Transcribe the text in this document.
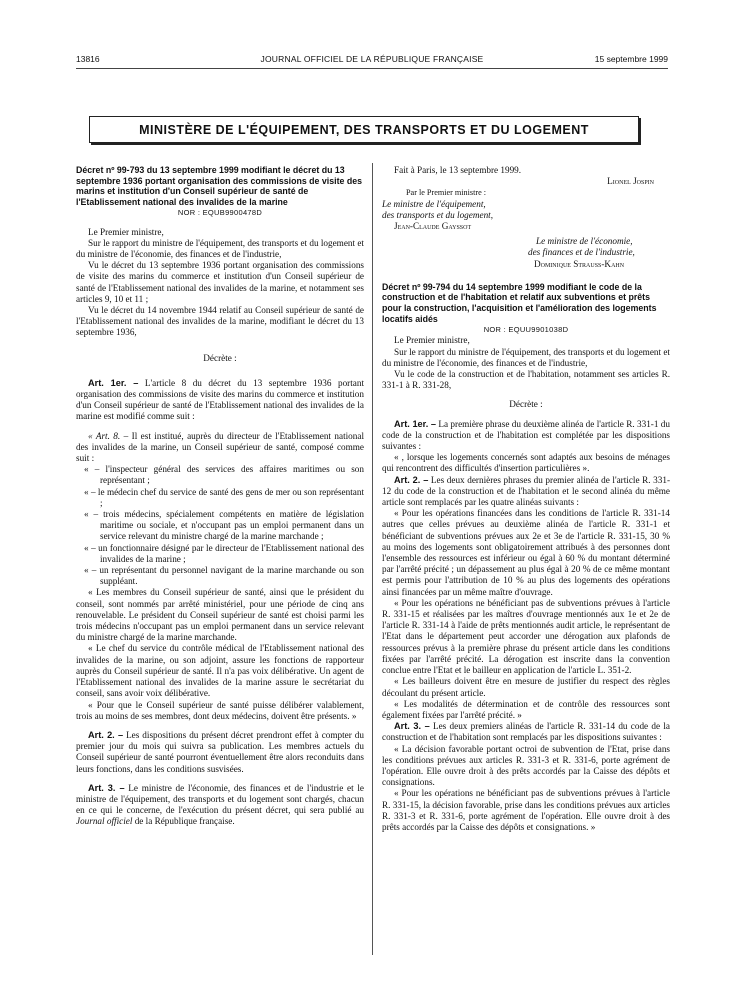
13816	JOURNAL OFFICIEL DE LA RÉPUBLIQUE FRANÇAISE	15 septembre 1999
MINISTÈRE DE L'ÉQUIPEMENT, DES TRANSPORTS ET DU LOGEMENT

Décret nº 99-793 du 13 septembre 1999 modifiant le décret du 13 septembre 1936 portant organisation des commissions de visite des marins et institution d'un Conseil supérieur de santé de l'Etablissement national des invalides de la marine

NOR : EQUB9900478D

Le Premier ministre,

Sur le rapport du ministre de l'équipement, des transports et du logement et du ministre de l'économie, des finances et de l'industrie,

Vu le décret du 13 septembre 1936 portant organisation des commissions de visite des marins du commerce et institution d'un Conseil supérieur de santé de l'Etablissement national des invalides de la marine, et notamment ses articles 9, 10 et 11 ;

Vu le décret du 14 novembre 1944 relatif au Conseil supérieur de santé de l'Etablissement national des invalides de la marine, modifiant le décret du 13 septembre 1936,

Décrète :

Art. 1er. – L'article 8 du décret du 13 septembre 1936 portant organisation des commissions de visite des marins du commerce et institution d'un Conseil supérieur de santé de l'Etablissement national des invalides de la marine est modifié comme suit :

« Art. 8. – Il est institué, auprès du directeur de l'Etablissement national des invalides de la marine, un Conseil supérieur de santé, composé comme suit :

« – l'inspecteur général des services des affaires maritimes ou son représentant ;

« – le médecin chef du service de santé des gens de mer ou son représentant ;

« – trois médecins, spécialement compétents en matière de législation maritime ou sociale, et n'occupant pas un emploi permanent dans un service relevant du ministre chargé de la marine marchande ;

« – un fonctionnaire désigné par le directeur de l'Etablissement national des invalides de la marine ;

« – un représentant du personnel navigant de la marine marchande ou son suppléant.

« Les membres du Conseil supérieur de santé, ainsi que le président du conseil, sont nommés par arrêté ministériel, pour une période de cinq ans renouvelable. Le président du Conseil supérieur de santé est choisi parmi les trois médecins n'occupant pas un emploi permanent dans un service relevant du ministre chargé de la marine marchande.

« Le chef du service du contrôle médical de l'Etablissement national des invalides de la marine, ou son adjoint, assure les fonctions de rapporteur auprès du Conseil supérieur de santé. Il n'a pas voix délibérative. Un agent de l'Etablissement national des invalides de la marine assure le secrétariat du conseil, sans avoir voix délibérative.

« Pour que le Conseil supérieur de santé puisse délibérer valablement, trois au moins de ses membres, dont deux médecins, doivent être présents. »

Art. 2. – Les dispositions du présent décret prendront effet à compter du premier jour du mois qui suivra sa publication. Les membres actuels du Conseil supérieur de santé pourront éventuellement être alors reconduits dans leurs fonctions, dans les conditions susvisées.

Art. 3. – Le ministre de l'économie, des finances et de l'industrie et le ministre de l'équipement, des transports et du logement sont chargés, chacun en ce qui le concerne, de l'exécution du présent décret, qui sera publié au Journal officiel de la République française.

Fait à Paris, le 13 septembre 1999.

Lionel Jospin

Par le Premier ministre :

Le ministre de l'équipement,

des transports et du logement,

Jean-Claude Gayssot

Le ministre de l'économie,

des finances et de l'industrie,

Dominique Strauss-Kahn

Décret nº 99-794 du 14 septembre 1999 modifiant le code de la construction et de l'habitation et relatif aux subventions et prêts pour la construction, l'acquisition et l'amélioration des logements locatifs aidés

NOR : EQUU9901038D

Le Premier ministre,

Sur le rapport du ministre de l'équipement, des transports et du logement et du ministre de l'économie, des finances et de l'industrie,

Vu le code de la construction et de l'habitation, notamment ses articles R. 331-1 à R. 331-28,

Décrète :

Art. 1er. – La première phrase du deuxième alinéa de l'article R. 331-1 du code de la construction et de l'habitation est complétée par les dispositions suivantes :

« , lorsque les logements concernés sont adaptés aux besoins de ménages qui rencontrent des difficultés d'insertion particulières ».

Art. 2. – Les deux dernières phrases du premier alinéa de l'article R. 331-12 du code de la construction et de l'habitation et le second alinéa du même article sont remplacés par les quatre alinéas suivants :

« Pour les opérations financées dans les conditions de l'article R. 331-14 autres que celles prévues au deuxième alinéa de l'article R. 331-1 et bénéficiant de subventions prévues aux 2e et 3e de l'article R. 331-15, 30 % au moins des logements sont obligatoirement attribués à des personnes dont l'ensemble des ressources est inférieur ou égal à 60 % du montant déterminé par l'arrêté précité ; un dépassement au plus égal à 20 % de ce même montant est permis pour l'attribution de 10 % au plus des logements des opérations ainsi financées par un même maître d'ouvrage.

« Pour les opérations ne bénéficiant pas de subventions prévues à l'article R. 331-15 et réalisées par les maîtres d'ouvrage mentionnés aux 1e et 2e de l'article R. 331-14 à l'aide de prêts mentionnés audit article, le représentant de l'Etat dans le département peut accorder une dérogation aux plafonds de ressources prévus à la première phrase du présent article dans les conditions fixées par l'arrêté précité. La dérogation est inscrite dans la convention conclue entre l'Etat et le bailleur en application de l'article L. 351-2.

« Les bailleurs doivent être en mesure de justifier du respect des règles découlant du présent article.

« Les modalités de détermination et de contrôle des ressources sont également fixées par l'arrêté précité. »

Art. 3. – Les deux premiers alinéas de l'article R. 331-14 du code de la construction et de l'habitation sont remplacés par les dispositions suivantes :

« La décision favorable portant octroi de subvention de l'Etat, prise dans les conditions prévues aux articles R. 331-3 et R. 331-6, porte agrément de l'opération. Elle ouvre droit à des prêts accordés par la Caisse des dépôts et consignations.

« Pour les opérations ne bénéficiant pas de subventions prévues à l'article R. 331-15, la décision favorable, prise dans les conditions prévues aux articles R. 331-3 et R. 331-6, porte agrément de l'opération. Elle ouvre droit à des prêts accordés par la Caisse des dépôts et consignations. »
